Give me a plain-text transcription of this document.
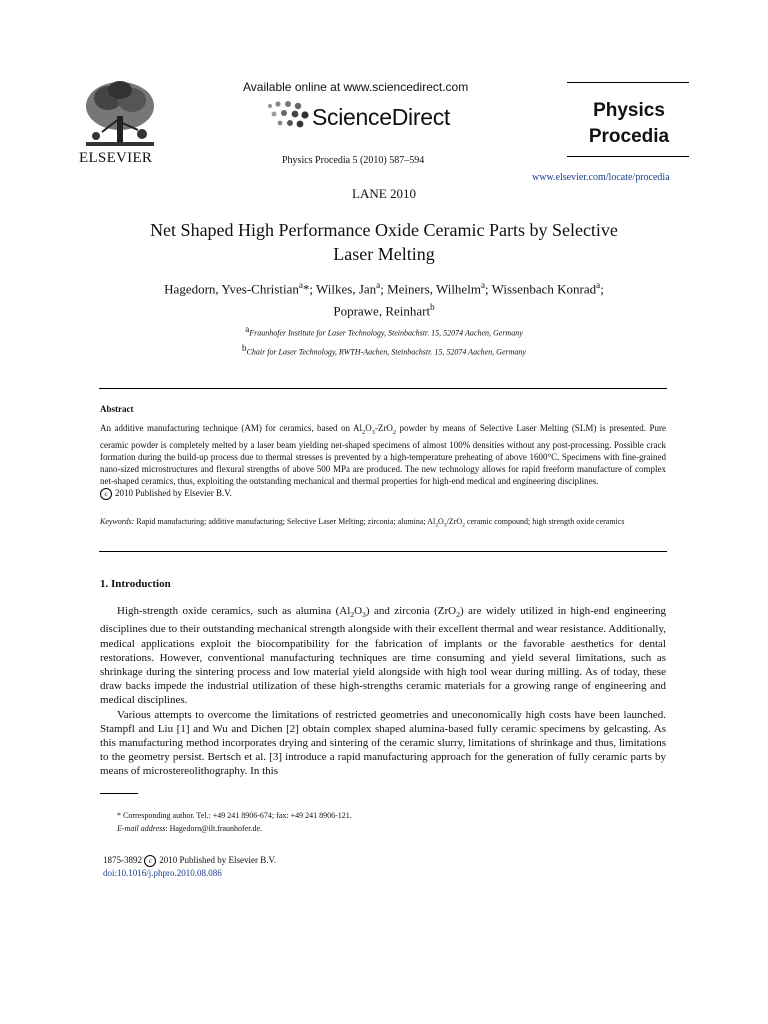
ELSEVIER
Available online at www.sciencedirect.com
ScienceDirect
Physics Procedia 5 (2010) 587–594
Physics
Procedia
www.elsevier.com/locate/procedia
LANE 2010
Net Shaped High Performance Oxide Ceramic Parts by Selective
Laser Melting
Hagedorn, Yves-Christian$^a$*; Wilkes, Jan$^a$; Meiners, Wilhelm$^a$; Wissenbach Konrad$^a$;
Poprawe, Reinhart$^b$
aFraunhofer Institute for Laser Technology, Steinbachstr. 15, 52074 Aachen, Germany
bChair for Laser Technology, RWTH-Aachen, Steinbachstr. 15, 52074 Aachen, Germany
Abstract
An additive manufacturing technique (AM) for ceramics, based on $Al_2O_3-ZrO_2$ powder by means of Selective Laser Melting (SLM) is presented. Pure ceramic powder is completely melted by a laser beam yielding net-shaped specimens of almost 100% densities without any post-processing. Possible crack formation during the build-up process due to thermal stresses is prevented by a high-temperature preheating of above 1600°C. Specimens with fine-grained nano-sized microstructures and flexural strengths of above 500 MPa are produced. The new technology allows for rapid freeform manufacture of complex net-shaped ceramics, thus, exploiting the outstanding mechanical and thermal properties for high-end medical and engineering disciplines.
c 2010 Published by Elsevier B.V.
Keywords: Rapid manufacturing; additive manufacturing; Selective Laser Melting; zirconia; alumina; $Al_2O_3/ZrO_2$ ceramic compound; high strength oxide ceramics
1. Introduction

High-strength oxide ceramics, such as alumina $(Al_2O_3)$ and zirconia (ZrO$_2$) are widely utilized in high-end engineering disciplines due to their outstanding mechanical strength alongside with their excellent thermal and wear resistance. Additionally, medical applications exploit the biocompatibility for the fabrication of implants or the favorable aesthetics for dental restorations. However, conventional manufacturing techniques are time consuming and yield several limitations, such as shrinkage during the sintering process and low material yield alongside with high tool wear during milling. As of today, these draw backs impede the industrial utilization of these high-strengths ceramic materials for a growing range of engineering and medical disciplines.

Various attempts to overcome the limitations of restricted geometries and uneconomically high costs have been launched. Stampfl and Liu [1] and Wu and Dichen [2] obtain complex shaped alumina-based fully ceramic specimens by gelcasting. As this manufacturing method incorporates drying and sintering of the ceramic slurry, limitations of shrinkage and thus, limitations to the geometry persist. Bertsch et al. [3] introduce a rapid manufacturing approach for the generation of fully ceramic parts by means of microstereolithography. In this

* Corresponding author. Tel.: +49 241 8906-674; fax: +49 241 8906-121.
E-mail address: Hagedorn@ilt.fraunhofer.de.
1875-3892 c 2010 Published by Elsevier B.V.
doi:10.1016/j.phpro.2010.08.086
